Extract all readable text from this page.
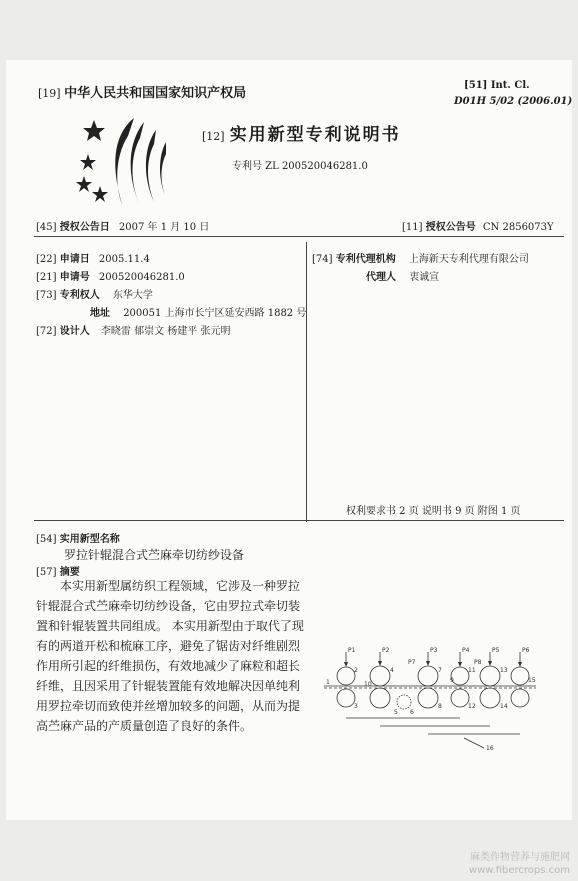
[19] 中华人民共和国国家知识产权局
[51] Int. Cl.
D01H 5/02 (2006.01)
[12] 实用新型专利说明书
专利号 ZL 200520046281.0
[45] 授权公告日 2007 年 1 月 10 日	[11] 授权公告号 CN 2856073Y
[22] 申请日 2005.11.4
[21] 申请号 200520046281.0
[73] 专利权人 东华大学
地址 200051 上海市长宁区延安西路 1882 号
[72] 设计人 李晓雷 郁崇文 杨建平 张元明
[74] 专利代理机构 上海新天专利代理有限公司
代理人 衷诚宣
权利要求书 2 页 说明书 9 页 附图 1 页
[54] 实用新型名称
罗拉针辊混合式苎麻牵切纺纱设备
[57] 摘要

本实用新型属纺织工程领域，它涉及一种罗拉

针辊混合式苎麻牵切纺纱设备，它由罗拉式牵切装

置和针辊装置共同组成。 本实用新型由于取代了现

有的两道开松和梳麻工序，避免了锯齿对纤维剧烈

作用所引起的纤维损伤，有效地减少了麻粒和超长

纤维，且因采用了针辊装置能有效地解决因单纯利

用罗拉牵切而致使并丝增加较多的问题，从而为提

高苎麻产品的产质量创造了良好的条件。

P1	P2	P3	P4	P5	P6
P7	P8
1
2
3
4
5 6
7
8
9
10
11
12
13
14
15
16
麻类作物营养与施肥网
www.fibercrops.com
